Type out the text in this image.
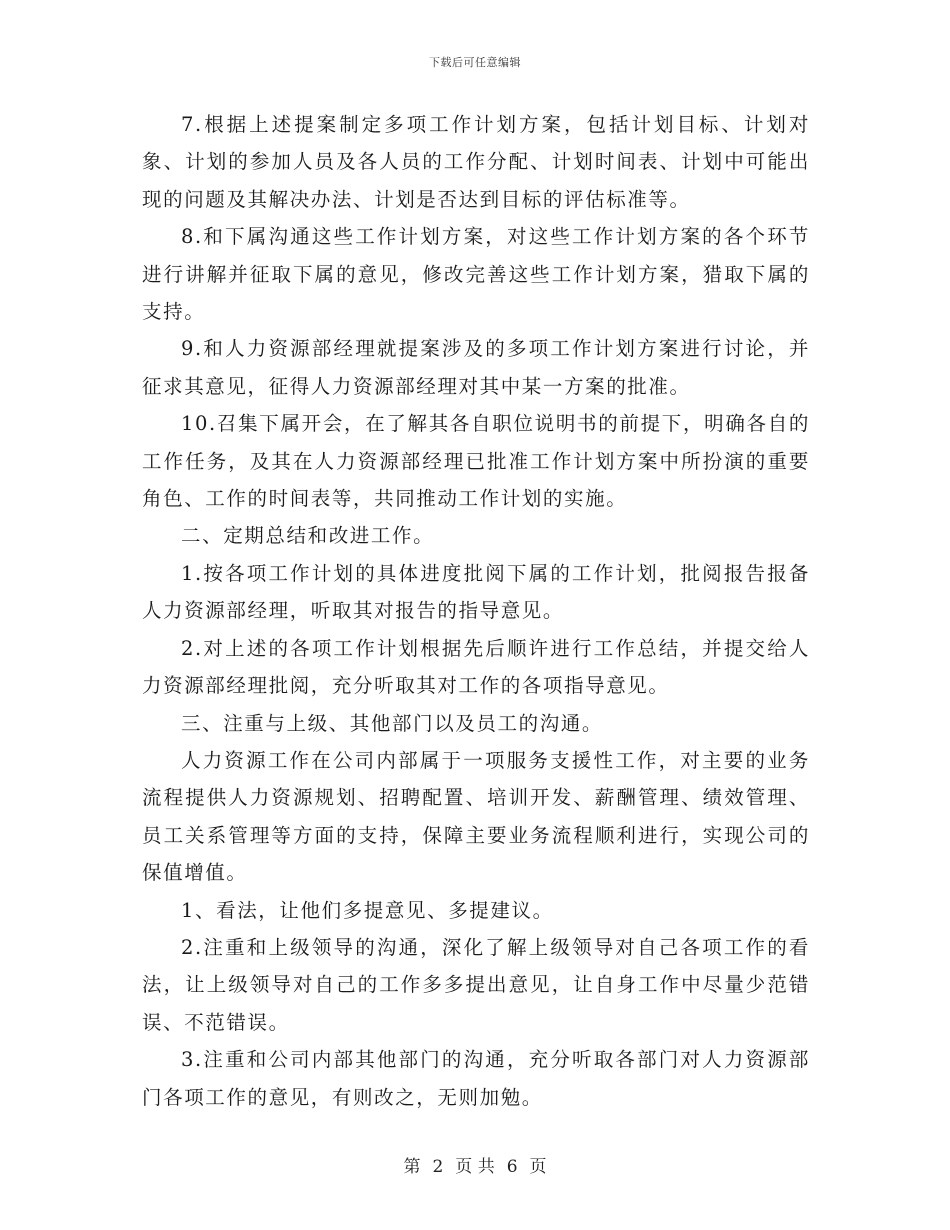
下载后可任意编辑

7.根据上述提案制定多项工作计划方案，包括计划目标、计划对象、计划的参加人员及各人员的工作分配、计划时间表、计划中可能出现的问题及其解决办法、计划是否达到目标的评估标准等。

8.和下属沟通这些工作计划方案，对这些工作计划方案的各个环节进行讲解并征取下属的意见，修改完善这些工作计划方案，猎取下属的支持。

9.和人力资源部经理就提案涉及的多项工作计划方案进行讨论，并征求其意见，征得人力资源部经理对其中某一方案的批准。

10.召集下属开会，在了解其各自职位说明书的前提下，明确各自的工作任务，及其在人力资源部经理已批准工作计划方案中所扮演的重要角色、工作的时间表等，共同推动工作计划的实施。

二、定期总结和改进工作。

1.按各项工作计划的具体进度批阅下属的工作计划，批阅报告报备人力资源部经理，听取其对报告的指导意见。

2.对上述的各项工作计划根据先后顺许进行工作总结，并提交给人力资源部经理批阅，充分听取其对工作的各项指导意见。

三、注重与上级、其他部门以及员工的沟通。

人力资源工作在公司内部属于一项服务支援性工作，对主要的业务流程提供人力资源规划、招聘配置、培训开发、薪酬管理、绩效管理、员工关系管理等方面的支持，保障主要业务流程顺利进行，实现公司的保值增值。

1、看法，让他们多提意见、多提建议。

2.注重和上级领导的沟通，深化了解上级领导对自己各项工作的看法，让上级领导对自己的工作多多提出意见，让自身工作中尽量少范错误、不范错误。

3.注重和公司内部其他部门的沟通，充分听取各部门对人力资源部门各项工作的意见，有则改之，无则加勉。

第 2 页 共 6 页
